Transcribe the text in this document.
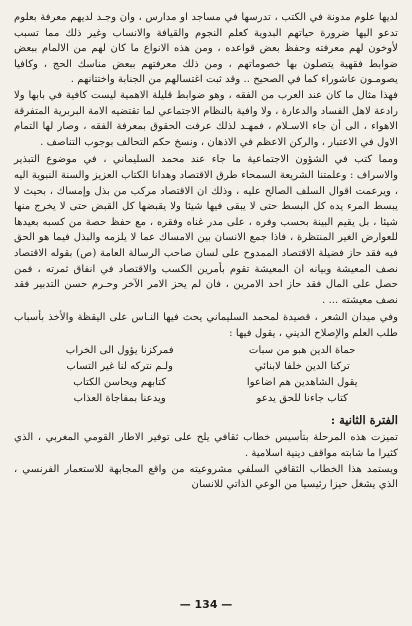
لديها علوم مدونة في الكتب ، تدرسها في مساجد او مدارس ، وان وجـد لديهم معرفة بعلوم تدعو اليها ضرورة حياتهم البدوية كعلم النجوم والقيافة والانساب وغير ذلك مما تسبب لأوخون لهم معرفته وحفظ بعض قواعده ، ومن هذه الانواع ما كان لهم من الالمام ببعض ضوابط فقهية يتصلون بها خصوماتهم ، ومن ذلك معرفتهم ببعض مناسك الحج ، وكافيا يصومـون عاشوراء كما في الصحيح .. وقد ثبت اغتسالهم من الجنابة واختتانهم .

فهذا مثال ما كان عند العرب من الفقه ، وهو ضوابط قليلة الاهمية ليست كافية في بابها ولا رادعة لاهل الفساد والدعارة ، ولا وافية بالنظام الاجتماعي لما تقتضيه الامة البربرية المتفرقة الاهواء ، الى أن جاء الاسـلام ، فمهـد لذلك عرفت الحقوق بمعرفة الفقه ، وصار لها التمام الاول في الاعتبار ، والركن الاعظم في الاذهان ، ونسخ حكم التحالف بوجوب التناصف .

ومما كتب في الشؤون الاجتماعية ما جاء عند محمد السليماني ، في موضوع التبذير والاسراف : وعلمتنا الشريعة السمحاء طرق الاقتصاد وهدانا الكتاب العزيز والسنة النبوية اليه ، ويرعمت اقوال السلف الصالح عليه ، وذلك ان الاقتصاد مركب من بذل وإمساك ، بحيث لا يبسط المرء يده كل البسط حتى لا يبقى فيها شيئا ولا يقبضها كل القبض حتى لا يخرج منها شيئا ، بل يقيم البينة بحسب وفره ، على مدر غناه وفقره ، مع حفظ حصة من كسبه بعيدها للعوارض الغير المنتظرة ، فاذا جمع الانسان بين الامساك عما لا يلزمه والبذل فيما هو الحق فيه فقد حاز فضيلة الاقتصاد الممدوح على لسان صاحب الرسالة العامة (ص) بقوله الاقتصاد نصف المعيشة وبيانه ان المعيشة تقوم بأمرين الكسب والاقتصاد في انفاق ثمرته ، فمن حصل على المال فقد حاز احد الامرين ، فان لم يحز الامر الآخر وحـرم حسن التدبير فقد نصف معيشته ... .

وفي ميدان الشعر ، قصيدة لمحمد السليماني يحث فيها النـاس على اليقظة والأخذ بأسباب طلب العلم والإصلاح الديني ، يقول فيها :

حماة الدين هبو من سبات
فمركزنا يؤول الى الخراب
تركنا الدين خلفا لابنائي
ولـم نتركه لنا غير التساب
يقول الشاهدين هم اضاعوا
كتابهم ويحاسن الكتاب
كتاب جاءنا للحق يدعو
ويدعنا بمفاجاة العذاب
الفترة الثانية :

تميزت هذه المرحلة بتأسيس خطاب ثقافي يلح على توفير الاطار القومي المغربي ، الذي كثيرا ما شابته مواقف دينية اسلامية .

ويستمد هذا الخطاب الثقافي السلفي مشروعيته من واقع المجابهة للاستعمار الفرنسي ، الذي يشغل حيزا رئيسيا من الوعي الذاتي للانسان

— 134 —
